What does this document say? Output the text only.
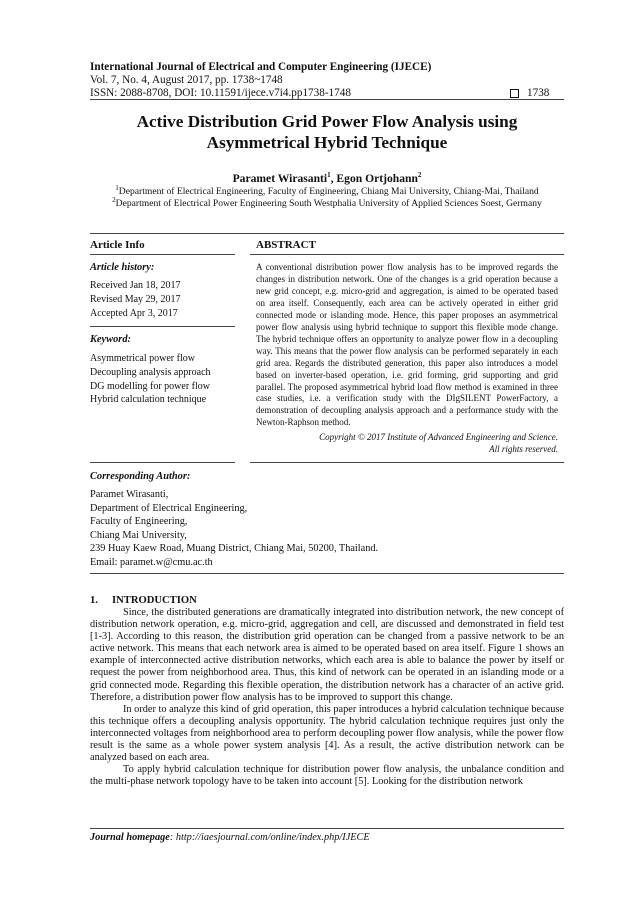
International Journal of Electrical and Computer Engineering (IJECE)
Vol. 7, No. 4, August 2017, pp. 1738~1748
ISSN: 2088-8708, DOI: 10.11591/ijece.v7i4.pp1738-1748	1738
Active Distribution Grid Power Flow Analysis using
Asymmetrical Hybrid Technique
Paramet Wirasanti$^1$, Egon Ortjohann$^2$
$^1$Department of Electrical Engineering, Faculty of Engineering, Chiang Mai University, Chiang-Mai, Thailand
$^2$Department of Electrical Power Engineering South Westphalia University of Applied Sciences Soest, Germany
Article Info	ABSTRACT
Article history:
Received Jan 18, 2017
Revised May 29, 2017
Accepted Apr 3, 2017
Keyword:
Asymmetrical power flow
Decoupling analysis approach
DG modelling for power flow
Hybrid calculation technique
A conventional distribution power flow analysis has to be improved regards the changes in distribution network. One of the changes is a grid operation because a new grid concept, e.g. micro-grid and aggregation, is aimed to be operated based on area itself. Consequently, each area can be actively operated in either grid connected mode or islanding mode. Hence, this paper proposes an asymmetrical power flow analysis using hybrid technique to support this flexible mode change. The hybrid technique offers an opportunity to analyze power flow in a decoupling way. This means that the power flow analysis can be performed separately in each grid area. Regards the distributed generation, this paper also introduces a model based on inverter-based operation, i.e. grid forming, grid supporting and grid parallel. The proposed asymmetrical hybrid load flow method is examined in three case studies, i.e. a verification study with the DIgSILENT PowerFactory, a demonstration of decoupling analysis approach and a performance study with the Newton-Raphson method.
Copyright © 2017 Institute of Advanced Engineering and Science.
All rights reserved.
Corresponding Author:
Paramet Wirasanti,
Department of Electrical Engineering,
Faculty of Engineering,
Chiang Mai University,
239 Huay Kaew Road, Muang District, Chiang Mai, 50200, Thailand.
Email: paramet.w@cmu.ac.th
1. INTRODUCTION

Since, the distributed generations are dramatically integrated into distribution network, the new concept of distribution network operation, e.g. micro-grid, aggregation and cell, are discussed and demonstrated in field test [1-3]. According to this reason, the distribution grid operation can be changed from a passive network to be an active network. This means that each network area is aimed to be operated based on area itself. Figure 1 shows an example of interconnected active distribution networks, which each area is able to balance the power by itself or request the power from neighborhood area. Thus, this kind of network can be operated in an islanding mode or a grid connected mode. Regarding this flexible operation, the distribution network has a character of an active grid. Therefore, a distribution power flow analysis has to be improved to support this change.

In order to analyze this kind of grid operation, this paper introduces a hybrid calculation technique because this technique offers a decoupling analysis opportunity. The hybrid calculation technique requires just only the interconnected voltages from neighborhood area to perform decoupling power flow analysis, while the power flow result is the same as a whole power system analysis [4]. As a result, the active distribution network can be analyzed based on each area.

To apply hybrid calculation technique for distribution power flow analysis, the unbalance condition and the multi-phase network topology have to be taken into account [5]. Looking for the distribution network

Journal homepage: http://iaesjournal.com/online/index.php/IJECE
